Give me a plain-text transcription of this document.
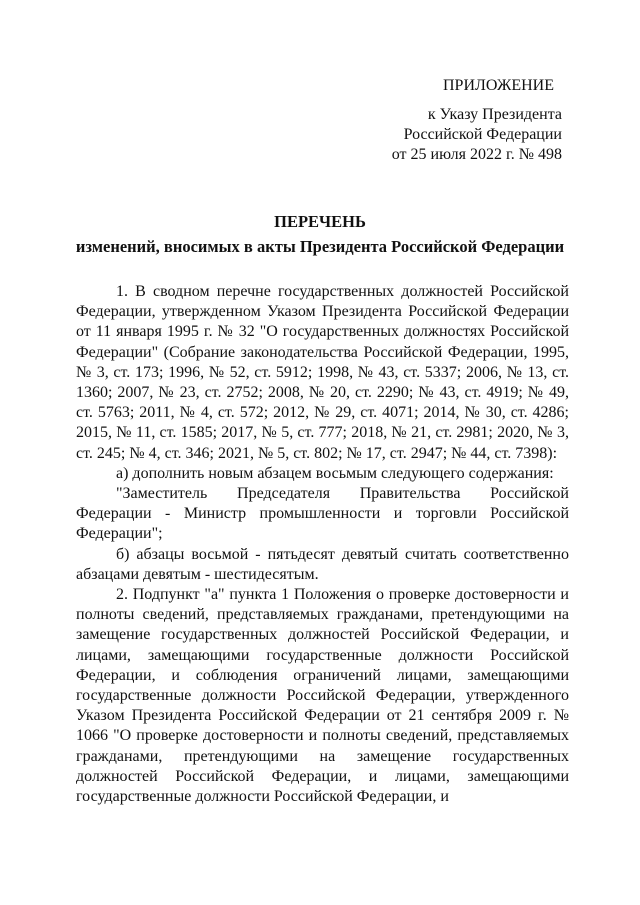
ПРИЛОЖЕНИЕ
к Указу Президента
Российской Федерации
от 25 июля 2022 г. № 498
ПЕРЕЧЕНЬ
изменений, вносимых в акты Президента Российской Федерации

1. В сводном перечне государственных должностей Российской Федерации, утвержденном Указом Президента Российской Федерации от 11 января 1995 г. № 32 "О государственных должностях Российской Федерации" (Собрание законодательства Российской Федерации, 1995, № 3, ст. 173; 1996, № 52, ст. 5912; 1998, № 43, ст. 5337; 2006, № 13, ст. 1360; 2007, № 23, ст. 2752; 2008, № 20, ст. 2290; № 43, ст. 4919; № 49, ст. 5763; 2011, № 4, ст. 572; 2012, № 29, ст. 4071; 2014, № 30, ст. 4286; 2015, № 11, ст. 1585; 2017, № 5, ст. 777; 2018, № 21, ст. 2981; 2020, № 3, ст. 245; № 4, ст. 346; 2021, № 5, ст. 802; № 17, ст. 2947; № 44, ст. 7398):

а) дополнить новым абзацем восьмым следующего содержания:

"Заместитель Председателя Правительства Российской Федерации - Министр промышленности и торговли Российской Федерации";

б) абзацы восьмой - пятьдесят девятый считать соответственно абзацами девятым - шестидесятым.

2. Подпункт "а" пункта 1 Положения о проверке достоверности и полноты сведений, представляемых гражданами, претендующими на замещение государственных должностей Российской Федерации, и лицами, замещающими государственные должности Российской Федерации, и соблюдения ограничений лицами, замещающими государственные должности Российской Федерации, утвержденного Указом Президента Российской Федерации от 21 сентября 2009 г. № 1066 "О проверке достоверности и полноты сведений, представляемых гражданами, претендующими на замещение государственных должностей Российской Федерации, и лицами, замещающими государственные должности Российской Федерации, и
